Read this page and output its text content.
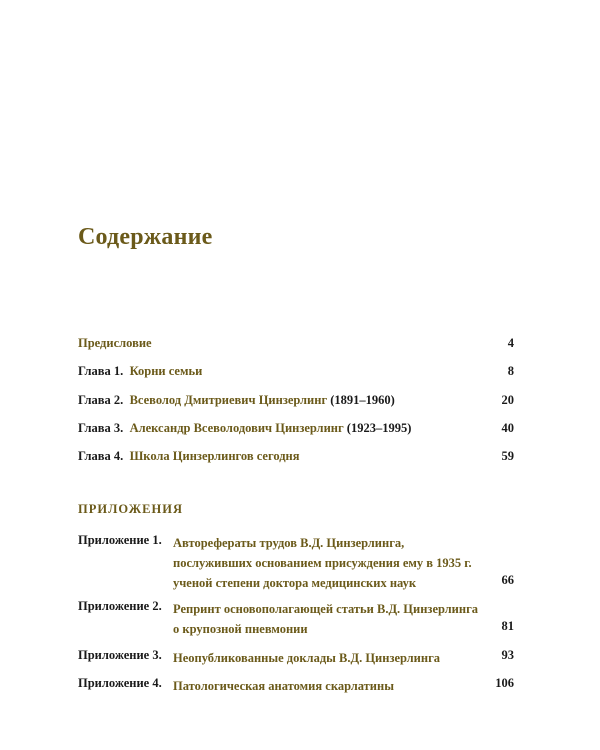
Содержание
Предисловие	4
Глава 1. Корни семьи	8
Глава 2. Всеволод Дмитриевич Цинзерлинг (1891–1960)	20
Глава 3. Александр Всеволодович Цинзерлинг (1923–1995)	40
Глава 4. Школа Цинзерлингов сегодня	59
ПРИЛОЖЕНИЯ
Приложение 1. Авторефераты трудов В.Д. Цинзерлинга,
послуживших основанием присуждения ему в 1935 г.
ученой степени доктора медицинских наук	66
Приложение 2. Репринт основополагающей статьи В.Д. Цинзерлинга
о крупозной пневмонии	81
Приложение 3. Неопубликованные доклады В.Д. Цинзерлинга	93
Приложение 4. Патологическая анатомия скарлатины	106
